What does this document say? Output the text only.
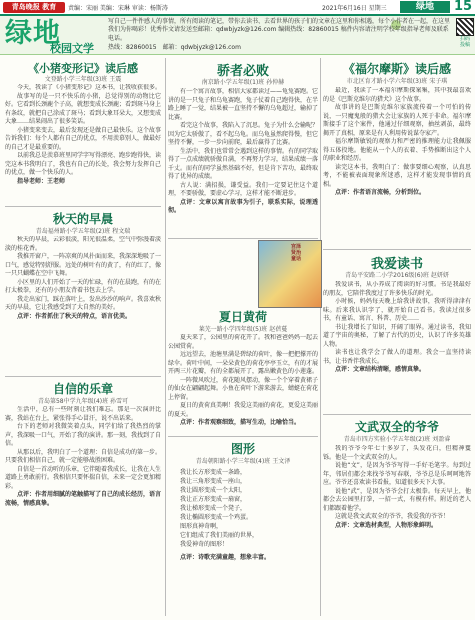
青岛晚报 教育	责编：宋丽 美编：宋琳 审读：杨斯涛	2021年6月16日 星期三	绿地	15
绿地
校园文学
写自己一件件感人的事情，所有阅读的笔记，带你去读书、去看世界的孩子们的文章在这里和你相遇，每个小作者在一起，在这里我们为你喝彩！优秀作文请发送至邮箱：qdwbjyzk@126.com 编辑热线：82860015 稿件内容请注明学校年级指导老师及联系电话。
热线：82860015　 邮箱：qdwbjyzk@126.com
扫码
投稿
《小猪变形记》读后感
文登路小学三年级(3)班 王震

今天，我读了《小猪变形记》这本书，让我收获很多。

故事写的是一只不快乐的小猪，总觉得别的动物比它好。它看到长颈鹿个子高，就想变成长颈鹿；看到斑马身上有条纹，就把自己涂成了斑马；看到大象耳朵大，又想变成大象……结果闹出了很多笑话。

小猪变来变去，最后发现还是做自己最快乐。这个故事告诉我们：每个人都有自己的优点，不用羡慕别人，做最好的自己才是最重要的。

以前我总是羡慕班里同学字写得漂亮、跑步跑得快，读完这本书我明白了，我也有自己的长处，我会努力发挥自己的优点，做一个快乐的人。

指导老师：王老师

秋天的早晨
青岛福州路小学五年级(2)班 程文瑞

秋天的早晨，云彩很淡，阳光很温柔，空气中弥漫着淡淡的桂花香。

我推开窗户，一阵凉爽的风扑面而来，我深深地吸了一口气，感觉特别舒服。远处的树叶有的黄了，有的红了，像一只只蝴蝶在空中飞舞。

小区里的人们开始了一天的忙碌，有的在晨跑，有的在打太极拳，还有的小朋友背着书包去上学。

我走出家门，踩在落叶上，发出沙沙的响声。我喜欢秋天的早晨，它让我感受到了大自然的美好。

点评：作者抓住了秋天的特点，语言优美。

自信的乐章
青岛第58中学九年级(4)班 孙雪可

生活中，总有一些时刻让我们难忘。那是一次演讲比赛，我站在台上，紧张得手心冒汗，说不出话来。

台下的老师对我微笑着点头，同学们给了我热烈的掌声，我深吸一口气，开始了我的演讲。那一刻，我找到了自信。

从那以后，我明白了一个道理：自信是成功的第一步。只要我们相信自己，就一定能够战胜困难。

自信是一首动听的乐章，它伴随着我成长，让我在人生道路上勇敢前行。我相信只要怀揣自信，未来一定会更加精彩。

点评：作者用细腻的笔触描写了自己的成长经历，语言流畅，情感真挚。

骄者必败
南京路小学五年级(1)班 孙仲赫

有一个寓言故事，相信大家都读过——龟兔赛跑。它讲的是一只兔子和乌龟赛跑，兔子仗着自己跑得快，在半路上睡了一觉，结果被一直坚持不懈的乌龟超过，输掉了比赛。

看完这个故事，我陷入了沉思。兔子为什么会输呢？因为它太骄傲了，看不起乌龟。而乌龟虽然爬得慢，但它坚持不懈，一步一步向前爬，最后赢得了比赛。

生活中，我们也常常会遇到这样的事情。有的同学取得了一点成绩就骄傲自满，不再努力学习，结果成绩一落千丈。而有的同学虽然基础不好，但是肯下苦功，最终取得了优异的成绩。

古人说：满招损，谦受益。我们一定要记住这个道理，不要骄傲，要虚心学习，这样才能不断进步。

点评：文章以寓言故事为引子，联系实际，说理透彻。

宫泽贤治童话
夏日黄荷
莱芜一路小学四年级(5)班 赵蓓蔓

夏天来了，公园里的荷花开了。我和爸爸妈妈一起去公园赏荷。

远远望去，池塘里满是碧绿的荷叶，像一把把撑开的绿伞。荷叶中间，一朵朵黄色的荷花亭亭玉立，有的才展开两三片花瓣，有的全都展开了，露出嫩黄色的小莲蓬。

一阵微风吹过，荷花随风摆动，像一个个穿着黄裙子的仙女在翩翩起舞。小鱼在荷叶下游来游去，蜻蜓在荷花上停留。

夏日的黄荷真美啊！我爱这美丽的荷花，更爱这美丽的夏天。

点评：作者观察细致，描写生动，比喻恰当。

图形
青岛朝阳路小学三年级(4)班 王文泽
我让长方形变成一条路，
我让三角形变成一座山，
我让圆形变成一个太阳，
我让正方形变成一扇窗，
我让梯形变成一个凳子，
我让椭圆形变成一个鸡蛋。
图形真神奇啊，
它们组成了我们美丽的世界，
我爱神奇的图形！
点评：诗歌充满童趣，想象丰富。
《福尔摩斯》读后感
市北区育才路小学六年级(3)班 宋子琪

最近，我读了一本福尔摩斯探案集，其中我最喜欢的是《巴斯克维尔的猎犬》这个故事。

故事讲的是巴斯克维尔家族流传着一个可怕的传说，一只魔鬼般的猎犬会让家族的人死于非命。福尔摩斯接手了这个案件，他通过仔细观察，抽丝剥茧，最终揭开了真相，原来是有人利用传说谋夺家产。

福尔摩斯敏锐的观察力和严密的推理能力让我佩服得五体投地。他能从一个人的衣着、手势推断出这个人的职业和经历。

读完这本书，我明白了：做事要细心观察，认真思考，不能被表面现象所迷惑，这样才能发现事情的真相。

点评：作者语言流畅，分析到位。

我爱读书
青岛平安路二小学2016级(6)班 赵妍妍

我爱读书，从小养成了阅读的好习惯。书是我最好的朋友，它陪伴我度过了许多快乐的时光。

小时候，妈妈每天晚上给我讲故事，我听得津津有味。后来我认识字了，就开始自己看书。我读过很多书，有童话、寓言、科普、历史……

书让我增长了知识，开阔了眼界。通过读书，我知道了宇宙的奥秘，了解了古代的历史，认识了许多英雄人物。

读书也让我学会了做人的道理。我会一直坚持读书，让书香伴我成长。

点评：文章结构清晰，感情真挚。

文武双全的爷爷
青岛市四方实验小学五年级(2)班 刘盈睿

我的爷爷今年七十多岁了，头发花白，但精神矍铄。他是一个文武双全的人。

说他“文”，是因为爷爷写得一手好毛笔字。每到过年，邻居们都会来找爷爷写春联，爷爷总是乐呵呵地答应。爷爷还喜欢读书看报，知道很多天下大事。

说他“武”，是因为爷爷会打太极拳。每天早上，他都会去公园里打拳，一招一式，有模有样。附近的老人们都跟着他学。

这就是我文武双全的爷爷，我爱我的爷爷！

点评：文章选材典型，人物形象鲜明。
